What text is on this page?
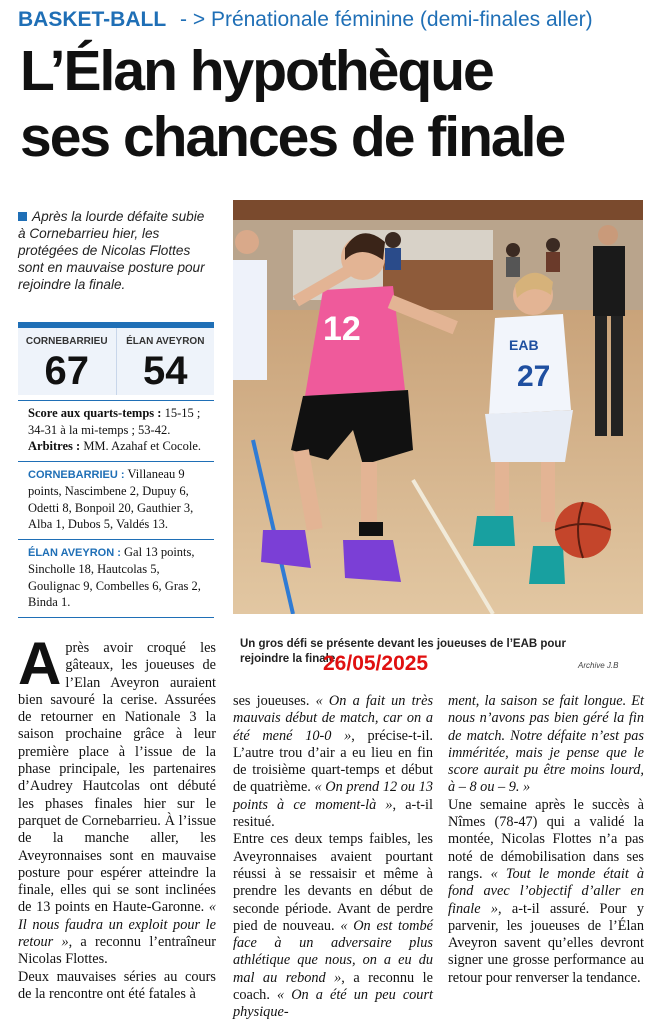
BASKET-BALL - > Prénationale féminine (demi-finales aller)
L’Élan hypothèque
ses chances de finale
Après la lourde défaite subie à Cornebarrieu hier, les protégées de Nicolas Flottes sont en mauvaise posture pour rejoindre la finale.
CORNEBARRIEU
67
ÉLAN AVEYRON
54

Score aux quarts-temps : 15-15 ; 34-31 à la mi-temps ; 53-42.
Arbitres : MM. Azahaf et Cocole.

CORNEBARRIEU : Villaneau 9 points, Nascimbene 2, Dupuy 6, Odetti 8, Bonpoil 20, Gauthier 3, Alba 1, Dubos 5, Valdés 13.

ÉLAN AVEYRON : Gal 13 points, Sinchollе 18, Hautcolas 5, Goulignac 9, Combelles 6, Gras 2, Binda 1.

12	EAB
27
Un gros défi se présente devant les joueuses de l’EAB pour rejoindre la finale.
26/05/2025	Archive J.B
A près avoir croqué les gâteaux, les joueuses de l’Elan Aveyron auraient bien savouré la cerise. Assurées de retourner en Nationale 3 la saison prochaine grâce à leur première place à l’issue de la phase principale, les partenaires d’Audrey Hautcolas ont débuté les phases finales hier sur le parquet de Cornebarrieu. À l’issue de la manche aller, les Aveyronnaises sont en mauvaise posture pour espérer atteindre la finale, elles qui se sont inclinées de 13 points en Haute-Garonne. « Il nous faudra un exploit pour le retour », a reconnu l’entraîneur Nicolas Flottes.

Deux mauvaises séries au cours de la rencontre ont été fatales à

ses joueuses. « On a fait un très mauvais début de match, car on a été mené 10-0 », précise-t-il. L’autre trou d’air a eu lieu en fin de troisième quart-temps et début de quatrième. « On prend 12 ou 13 points à ce moment-là », a-t-il resitué.

Entre ces deux temps faibles, les Aveyronnaises avaient pourtant réussi à se ressaisir et même à prendre les devants en début de seconde période. Avant de perdre pied de nouveau. « On est tombé face à un adversaire plus athlétique que nous, on a eu du mal au rebond », a reconnu le coach. « On a été un peu court physique-

ment, la saison se fait longue. Et nous n’avons pas bien géré la fin de match. Notre défaite n’est pas imméritée, mais je pense que le score aurait pu être moins lourd, à – 8 ou – 9. »

Une semaine après le succès à Nîmes (78-47) qui a validé la montée, Nicolas Flottes n’a pas noté de démobilisation dans ses rangs. « Tout le monde était à fond avec l’objectif d’aller en finale », a-t-il assuré. Pour y parvenir, les joueuses de l’Élan Aveyron savent qu’elles devront signer une grosse performance au retour pour renverser la tendance.
